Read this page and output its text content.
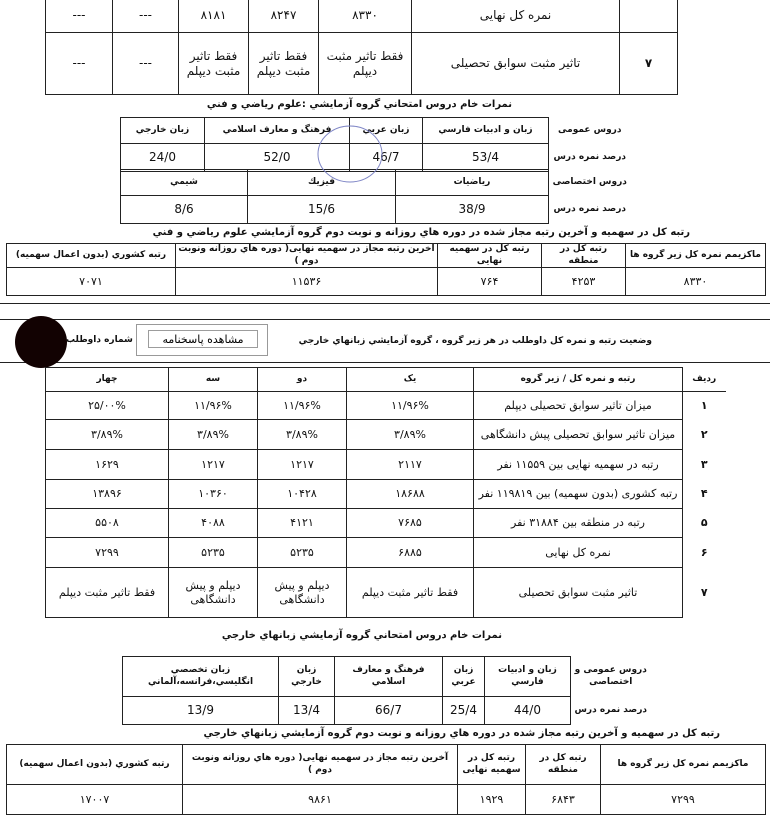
	نمره کل نهایی	۸۳۳۰	۸۲۴۷	۸۱۸۱	---	---
۷	تاثیر مثبت سوابق تحصیلی	فقط تاثیر مثبت دیپلم	فقط تاثیر مثبت دیپلم	فقط تاثیر مثبت دیپلم	---	---
نمرات خام دروس امتحاني گروه آزمايشي :علوم رياضي و فني
دروس عمومی	زبان و ادبيات فارسي	زبان عربي	فرهنگ و معارف اسلامي	زبان خارجي
درصد نمره درس	53/4	46/7	52/0	24/0
دروس اختصاصی	رياضيات	فيزيك	شيمي
درصد نمره درس	38/9	15/6	8/6
رتبه کل در سهمیه و آخرین رتبه مجاز شده در دوره هاي روزانه و نوبت دوم گروه آزمايشي علوم رياضي و فني
ماکزیمم نمره کل زیر گروه ها	رتبه کل در منطقه	رتبه کل در سهمیه نهایی	آخرین رتبه مجاز در سهمیه نهایی( دوره هاي روزانه ونوبت دوم )	رتبه کشوري (بدون اعمال سهمیه)
۸۳۳۰	۴۲۵۳	۷۶۴	۱۱۵۳۶	۷۰۷۱
شماره داوطلب	مشاهده پاسخنامه	وضعیت رتبه و نمره کل داوطلب در هر زیر گروه ، گروه آزمايشي زبانهاي خارجي
رديف	رتبه و نمره کل / زیر گروه	یک	دو	سه	چهار
۱	میزان تاثیر سوابق تحصیلی دیپلم	۱۱/۹۶%	۱۱/۹۶%	۱۱/۹۶%	۲۵/۰۰%
۲	میزان تاثیر سوابق تحصیلی پیش دانشگاهی	۳/۸۹%	۳/۸۹%	۳/۸۹%	۳/۸۹%
۳	رتبه در سهمیه نهایی بین ۱۱۵۵۹ نفر	۲۱۱۷	۱۲۱۷	۱۲۱۷	۱۶۲۹
۴	رتبه کشوری (بدون سهمیه) بین ۱۱۹۸۱۹ نفر	۱۸۶۸۸	۱۰۴۲۸	۱۰۳۶۰	۱۳۸۹۶
۵	رتبه در منطقه بین ۳۱۸۸۴ نفر	۷۶۸۵	۴۱۲۱	۴۰۸۸	۵۵۰۸
۶	نمره کل نهایی	۶۸۸۵	۵۲۳۵	۵۲۳۵	۷۲۹۹
۷	تاثیر مثبت سوابق تحصیلی	فقط تاثیر مثبت دیپلم	دیپلم و پیش دانشگاهی	دیپلم و پیش دانشگاهی	فقط تاثیر مثبت دیپلم
نمرات خام دروس امتحاني گروه آزمايشي زبانهاي خارجي
دروس عمومی و اختصاصی	زبان و ادبيات فارسي	زبان عربي	فرهنگ و معارف اسلامي	زبان خارجي	زبان تخصصي انگليسي،فرانسه،آلماني
درصد نمره درس	44/0	25/4	66/7	13/4	13/9
رتبه کل در سهمیه و آخرین رتبه مجاز شده در دوره هاي روزانه و نوبت دوم گروه آزمايشي زبانهاي خارجي
ماکزیمم نمره کل زیر گروه ها	رتبه کل در منطقه	رتبه کل در سهمیه نهایی	آخرین رتبه مجاز در سهمیه نهایی( دوره هاي روزانه ونوبت دوم )	رتبه کشوري (بدون اعمال سهمیه)
۷۲۹۹	۶۸۴۳	۱۹۲۹	۹۸۶۱	۱۷۰۰۷
